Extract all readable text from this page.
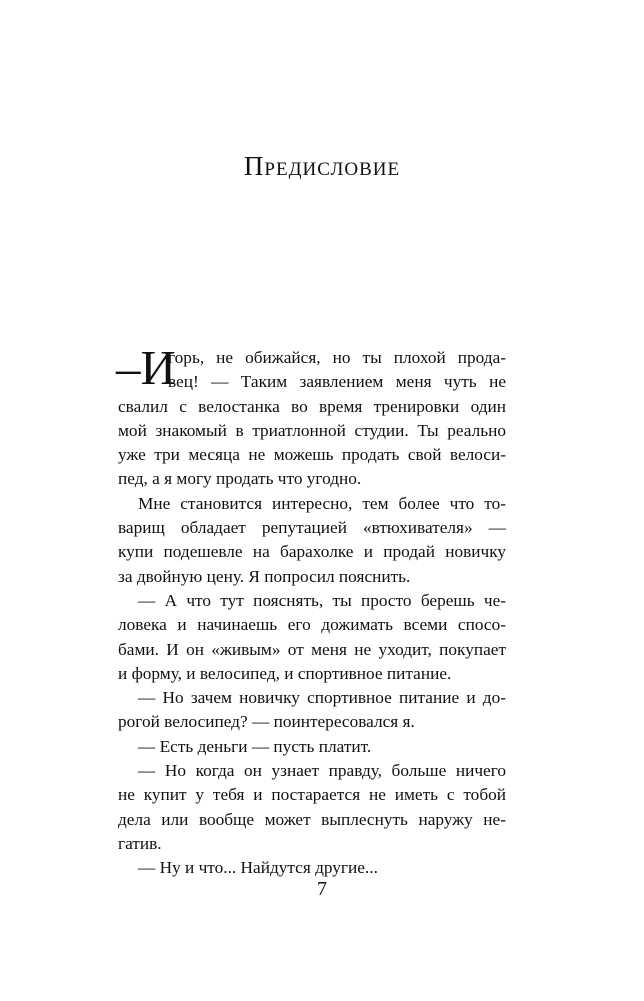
Предисловие
–И
горь, не обижайся, но ты плохой прода-
вец! — Таким заявлением меня чуть не
свалил с велостанка во время тренировки один
мой знакомый в триатлонной студии. Ты реально
уже три месяца не можешь продать свой велоси-
пед, а я могу продать что угодно.
Мне становится интересно, тем более что то-
варищ обладает репутацией «втюхивателя» —
купи подешевле на барахолке и продай новичку
за двойную цену. Я попросил пояснить.
— А что тут пояснять, ты просто берешь че-
ловека и начинаешь его дожимать всеми спосо-
бами. И он «живым» от меня не уходит, покупает
и форму, и велосипед, и спортивное питание.
— Но зачем новичку спортивное питание и до-
рогой велосипед? — поинтересовался я.
— Есть деньги — пусть платит.
— Но когда он узнает правду, больше ничего
не купит у тебя и постарается не иметь с тобой
дела или вообще может выплеснуть наружу не-
гатив.
— Ну и что... Найдутся другие...
7
